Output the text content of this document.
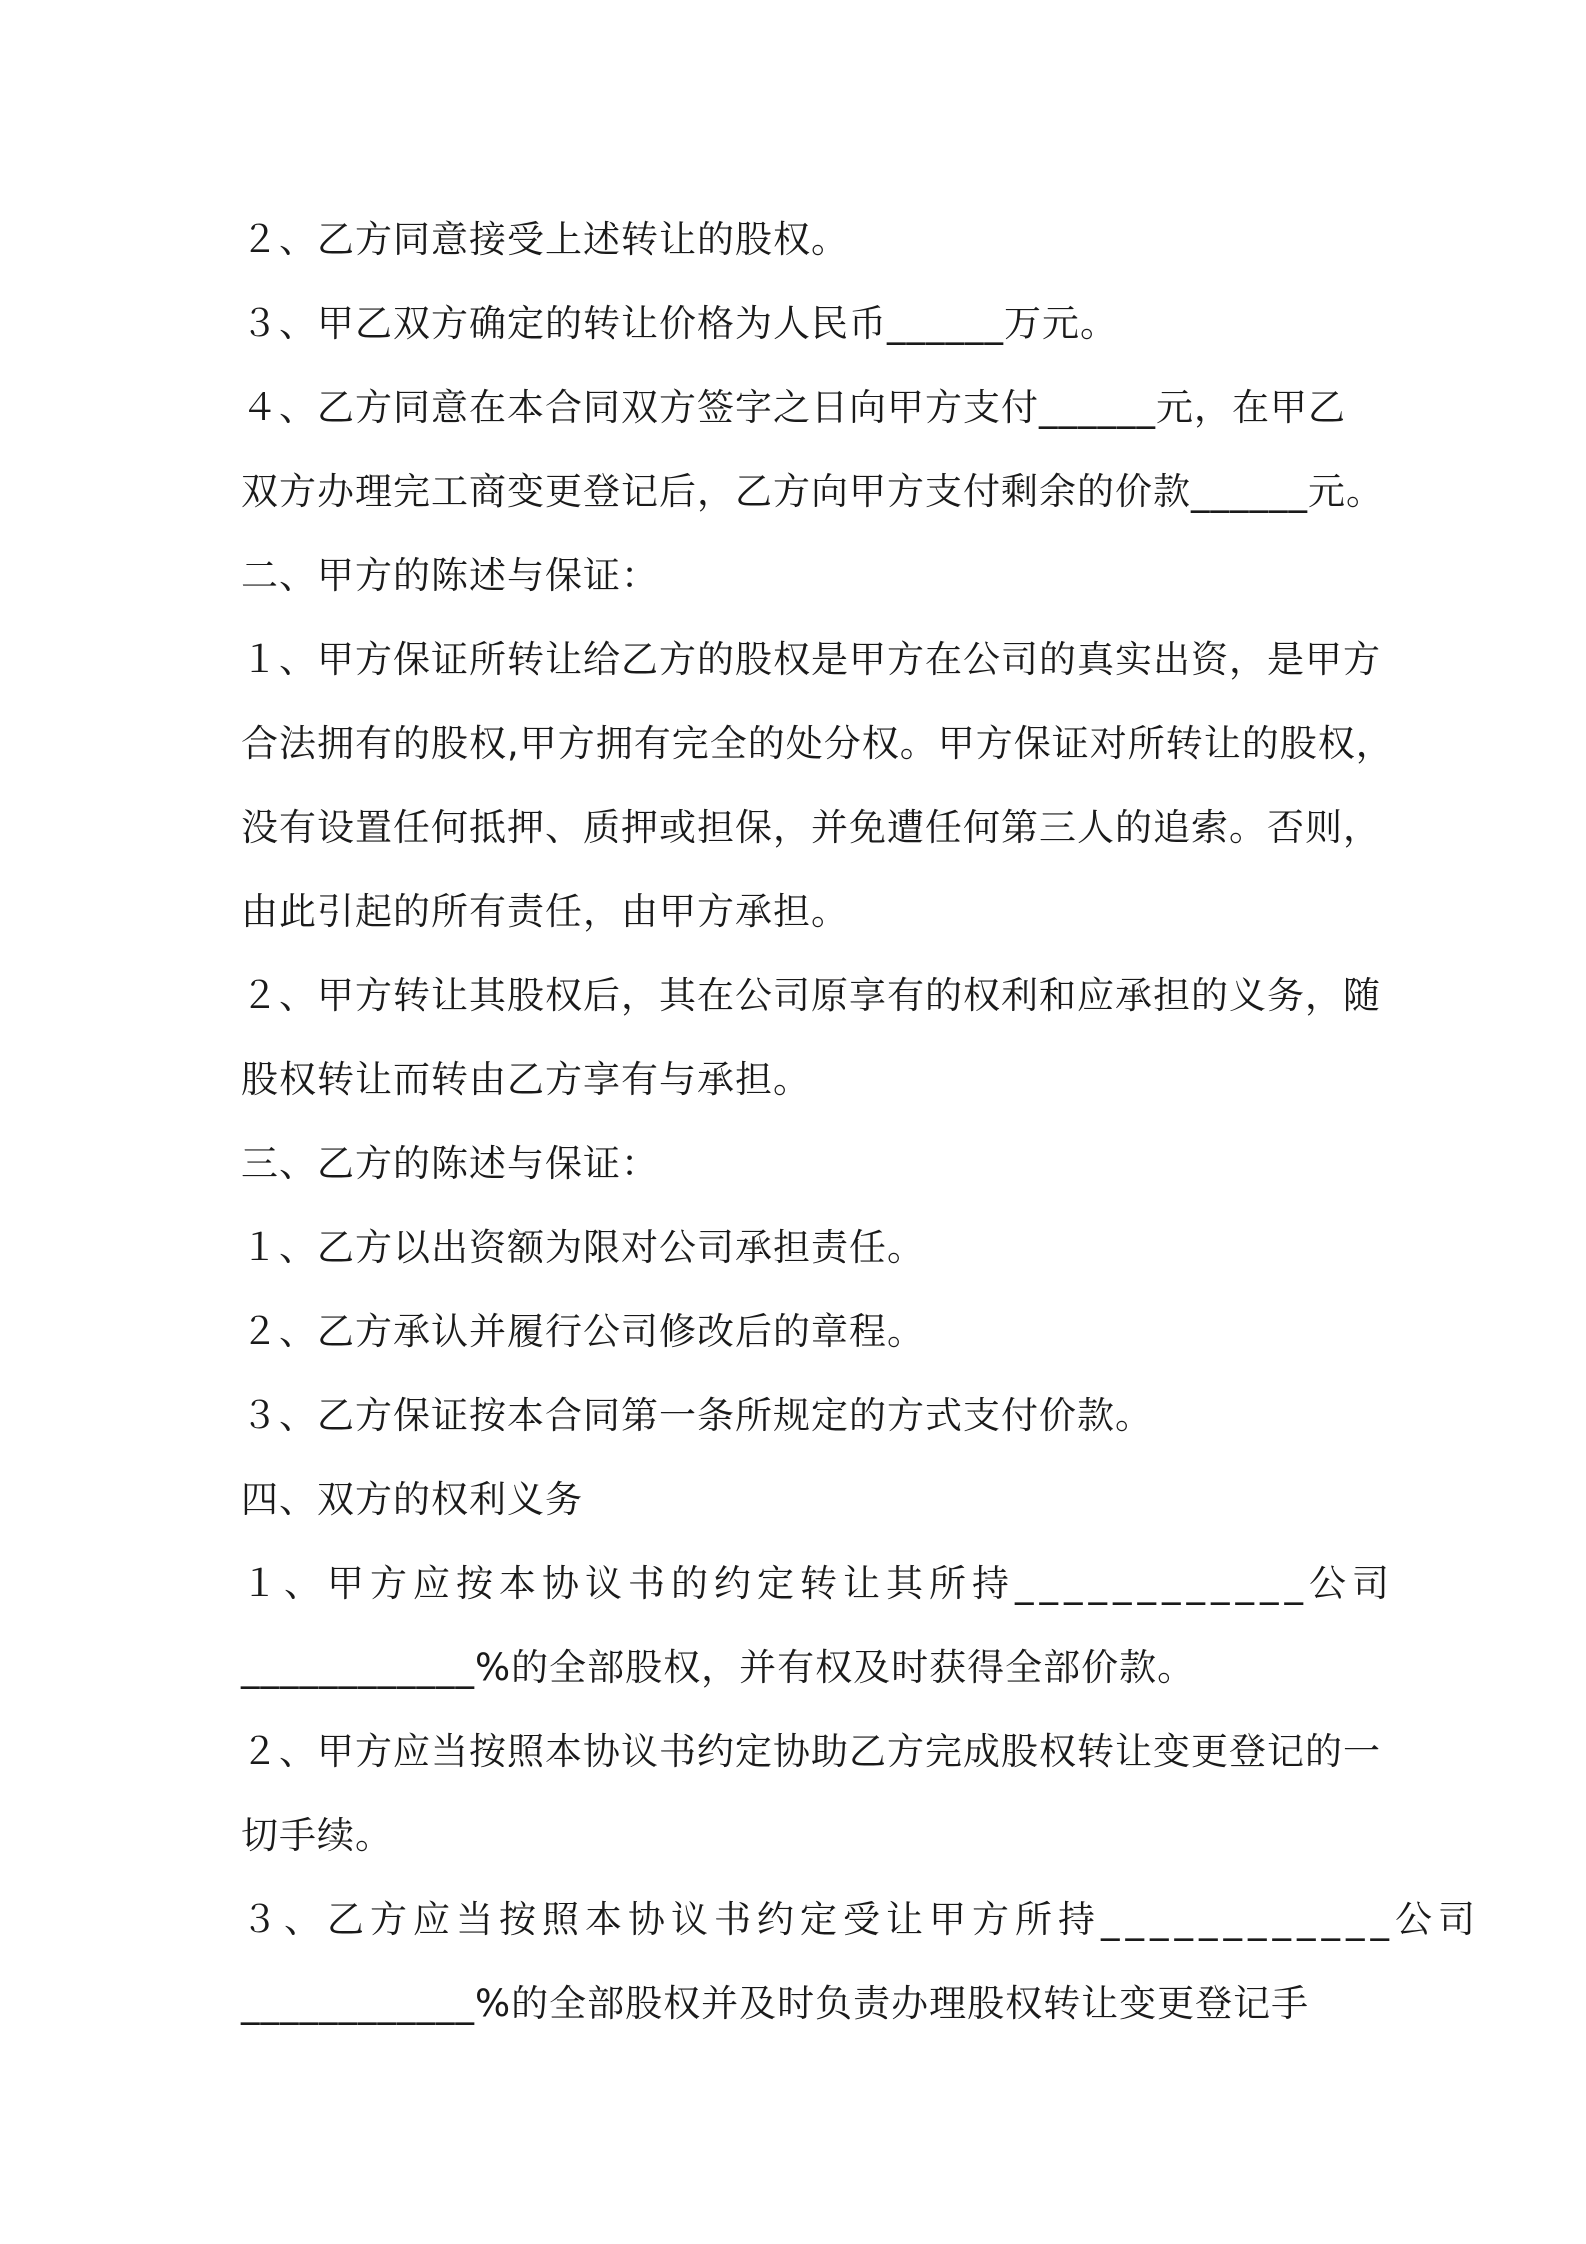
２、乙方同意接受上述转让的股权。
３、甲乙双方确定的转让价格为人民币______万元。
４、乙方同意在本合同双方签字之日向甲方支付______元，在甲乙
双方办理完工商变更登记后，乙方向甲方支付剩余的价款______元。
二、甲方的陈述与保证：
１、甲方保证所转让给乙方的股权是甲方在公司的真实出资，是甲方
合法拥有的股权,甲方拥有完全的处分权。甲方保证对所转让的股权，
没有设置任何抵押、质押或担保，并免遭任何第三人的追索。否则，
由此引起的所有责任，由甲方承担。
２、甲方转让其股权后，其在公司原享有的权利和应承担的义务，随
股权转让而转由乙方享有与承担。
三、乙方的陈述与保证：
１、乙方以出资额为限对公司承担责任。
２、乙方承认并履行公司修改后的章程。
３、乙方保证按本合同第一条所规定的方式支付价款。
四、双方的权利义务
１、甲方应按本协议书的约定转让其所持____________公司
____________%的全部股权，并有权及时获得全部价款。
２、甲方应当按照本协议书约定协助乙方完成股权转让变更登记的一
切手续。
３、乙方应当按照本协议书约定受让甲方所持____________公司
____________%的全部股权并及时负责办理股权转让变更登记手
